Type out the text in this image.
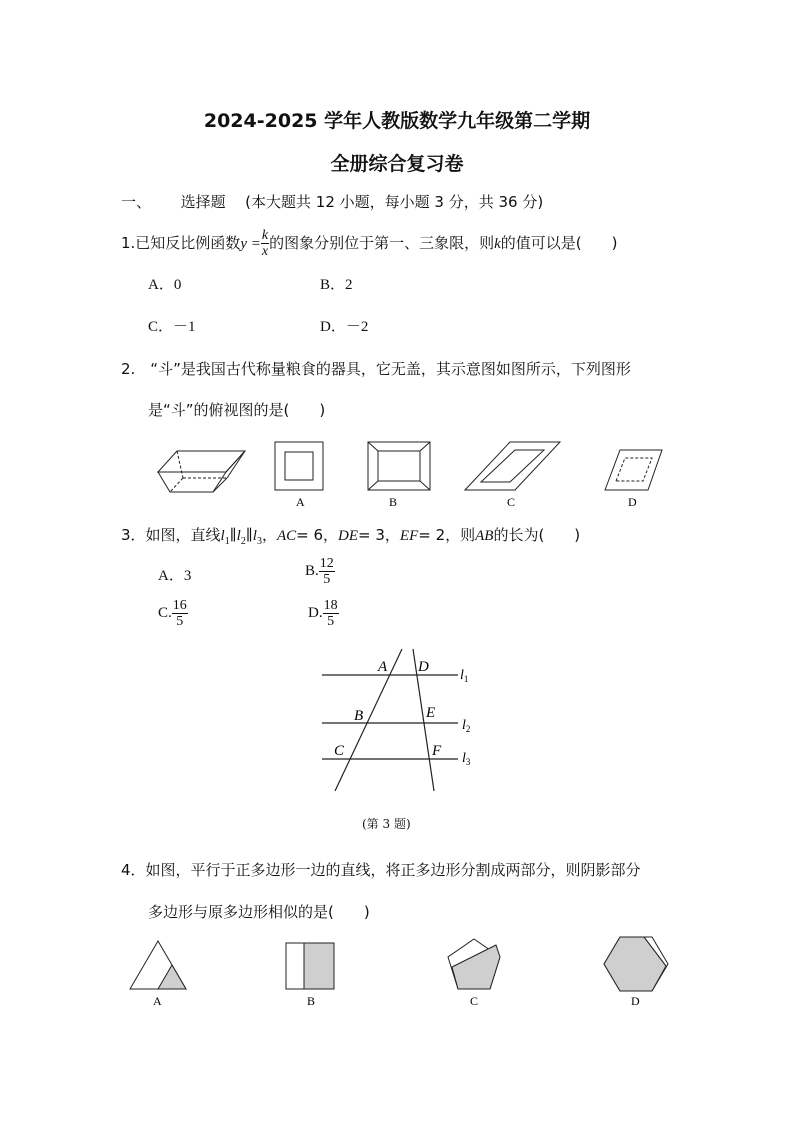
2024-2025 学年人教版数学九年级第二学期
全册综合复习卷
一、 选择题 (本大题共 12 小题，每小题 3 分，共 36 分)
1.已知反比例函数$y = \frac{k}{x}$ 的图象分别位于第一、三象限，则k的值可以是(　　)
A．0	B．2
C．－1	D．－2
2.　“斗”是我国古代称量粮食的器具，它无盖，其示意图如图所示，下列图形
是“斗”的俯视图的是(　　)
A	B	C	D
3．如图，直线$l_1\parallel l_2\parallel l_3$，AC= 6，DE= 3，EF= 2，则AB的长为(　　)
A．3	B. $\frac{12}{5}$
C. $\frac{16}{5}$	D. $\frac{18}{5}$
A D
B	E
C	F
$l_1$
$l_2$
$l_3$
(第 3 题)
4．如图，平行于正多边形一边的直线，将正多边形分割成两部分，则阴影部分
多边形与原多边形相似的是(　　)
A	B	C	D
